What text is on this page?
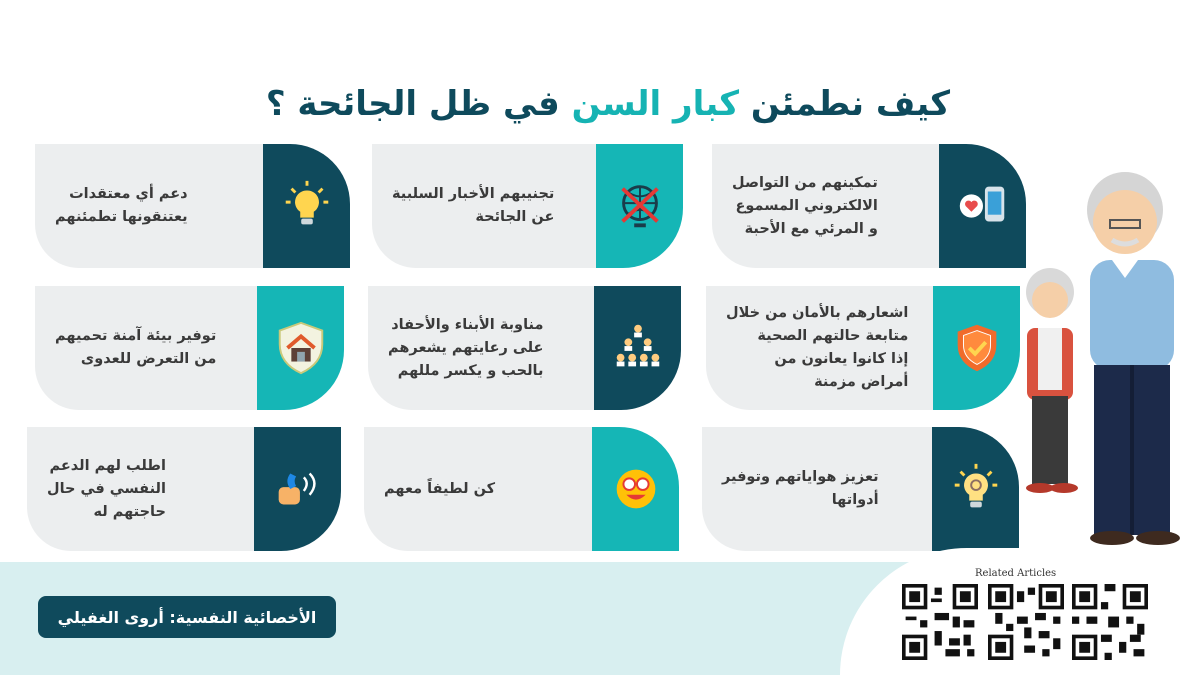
كيف نطمئن كبار السن في ظل الجائحة ؟
تمكينهم من التواصل
الالكتروني المسموع
و المرئي مع الأحبة
تجنيبهم الأخبار السلبية
عن الجائحة
دعم أي معتقدات
يعتنقونها تطمئنهم
اشعارهم بالأمان من خلال
متابعة حالتهم الصحية
إذا كانوا يعانون من
أمراض مزمنة
مناوبة الأبناء والأحفاد
على رعايتهم يشعرهم
بالحب و يكسر مللهم
توفير بيئة آمنة تحميهم
من التعرض للعدوى
تعزيز هواياتهم وتوفير
أدواتها
كن لطيفاً معهم
اطلب لهم الدعم
النفسي في حال
حاجتهم له
الأخصائية النفسية: أروى الغفيلي
Related Articles
